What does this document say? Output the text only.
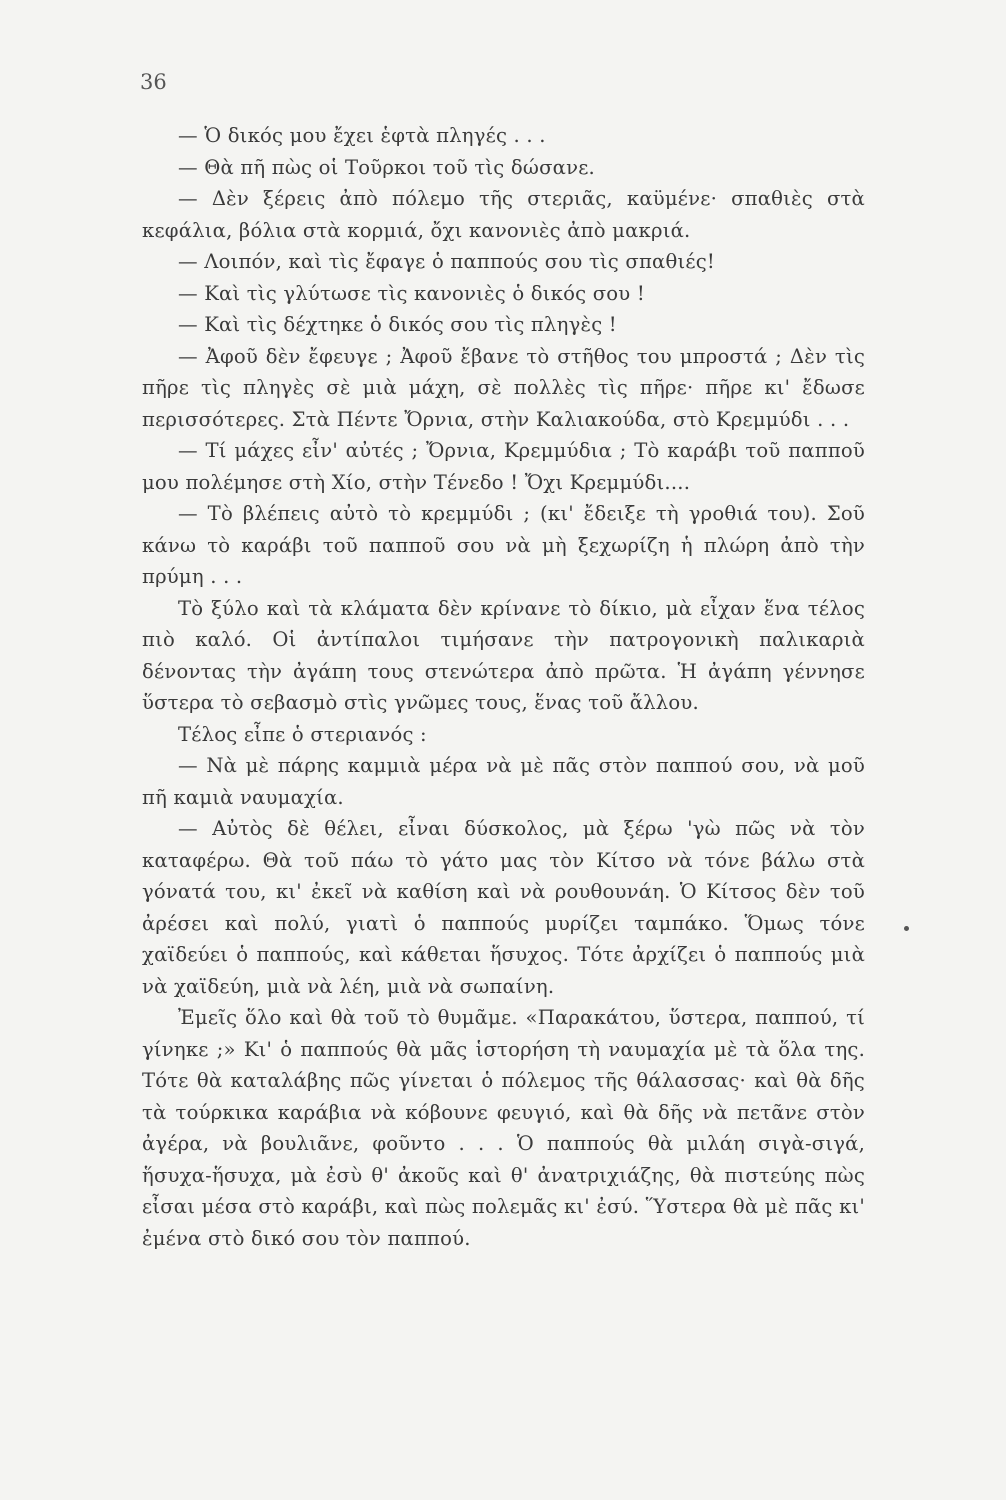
36

— Ὁ δικός μου ἔχει ἑφτὰ πληγές . . .

— Θὰ πῆ πὼς οἱ Τοῦρκοι τοῦ τὶς δώσανε.

— Δὲν ξέρεις ἀπὸ πόλεμο τῆς στεριᾶς, καϋμένε· σπαθιὲς στὰ κεφάλια, βόλια στὰ κορμιά, ὄχι κανονιὲς ἀπὸ μακριά.

— Λοιπόν, καὶ τὶς ἔφαγε ὁ παππούς σου τὶς σπαθιές!

— Καὶ τὶς γλύτωσε τὶς κανονιὲς ὁ δικός σου !

— Καὶ τὶς δέχτηκε ὁ δικός σου τὶς πληγὲς !

— Ἀφοῦ δὲν ἔφευγε ; Ἀφοῦ ἔβανε τὸ στῆθος του μπροστά ; Δὲν τὶς πῆρε τὶς πληγὲς σὲ μιὰ μάχη, σὲ πολλὲς τὶς πῆρε· πῆρε κι' ἔδωσε περισσότερες. Στὰ Πέντε Ὄρνια, στὴν Καλιακούδα, στὸ Κρεμμύδι . . .

— Τί μάχες εἶν' αὐτές ; Ὄρνια, Κρεμμύδια ; Τὸ καράβι τοῦ παπποῦ μου πολέμησε στὴ Χίο, στὴν Τένεδο ! Ὄχι Κρεμμύδι....

— Τὸ βλέπεις αὐτὸ τὸ κρεμμύδι ; (κι' ἔδειξε τὴ γροθιά του). Σοῦ κάνω τὸ καράβι τοῦ παπποῦ σου νὰ μὴ ξεχωρίζη ἡ πλώρη ἀπὸ τὴν πρύμη . . .

Τὸ ξύλο καὶ τὰ κλάματα δὲν κρίνανε τὸ δίκιο, μὰ εἶχαν ἕνα τέλος πιὸ καλό. Οἱ ἀντίπαλοι τιμήσανε τὴν πατρογονικὴ παλικαριὰ δένοντας τὴν ἀγάπη τους στενώτερα ἀπὸ πρῶτα. Ἡ ἀγάπη γέννησε ὕστερα τὸ σεβασμὸ στὶς γνῶμες τους, ἕνας τοῦ ἄλλου.

Τέλος εἶπε ὁ στεριανός :

— Νὰ μὲ πάρης καμμιὰ μέρα νὰ μὲ πᾶς στὸν παππού σου, νὰ μοῦ πῆ καμιὰ ναυμαχία.

— Αὐτὸς δὲ θέλει, εἶναι δύσκολος, μὰ ξέρω 'γὼ πῶς νὰ τὸν καταφέρω. Θὰ τοῦ πάω τὸ γάτο μας τὸν Κίτσο νὰ τόνε βάλω στὰ γόνατά του, κι' ἐκεῖ νὰ καθίση καὶ νὰ ρουθουνάη. Ὁ Κίτσος δὲν τοῦ ἀρέσει καὶ πολύ, γιατὶ ὁ παππούς μυρίζει ταμπάκο. Ὅμως τόνε χαϊδεύει ὁ παππούς, καὶ κάθεται ἥσυχος. Τότε ἀρχίζει ὁ παππούς μιὰ νὰ χαϊδεύη, μιὰ νὰ λέη, μιὰ νὰ σωπαίνη.

Ἐμεῖς ὅλο καὶ θὰ τοῦ τὸ θυμᾶμε. «Παρακάτου, ὕστερα, παππού, τί γίνηκε ;» Κι' ὁ παππούς θὰ μᾶς ἱστορήση τὴ ναυμαχία μὲ τὰ ὅλα της. Τότε θὰ καταλάβης πῶς γίνεται ὁ πόλεμος τῆς θάλασσας· καὶ θὰ δῆς τὰ τούρκικα καράβια νὰ κόβουνε φευγιό, καὶ θὰ δῆς νὰ πετᾶνε στὸν ἀγέρα, νὰ βουλιᾶνε, φοῦντο . . . Ὁ παππούς θὰ μιλάη σιγὰ-σιγά, ἥσυχα-ἥσυχα, μὰ ἐσὺ θ' ἀκοῦς καὶ θ' ἀνατριχιάζης, θὰ πιστεύης πὼς εἶσαι μέσα στὸ καράβι, καὶ πὼς πολεμᾶς κι' ἐσύ. Ὕστερα θὰ μὲ πᾶς κι' ἐμένα στὸ δικό σου τὸν παππού.
